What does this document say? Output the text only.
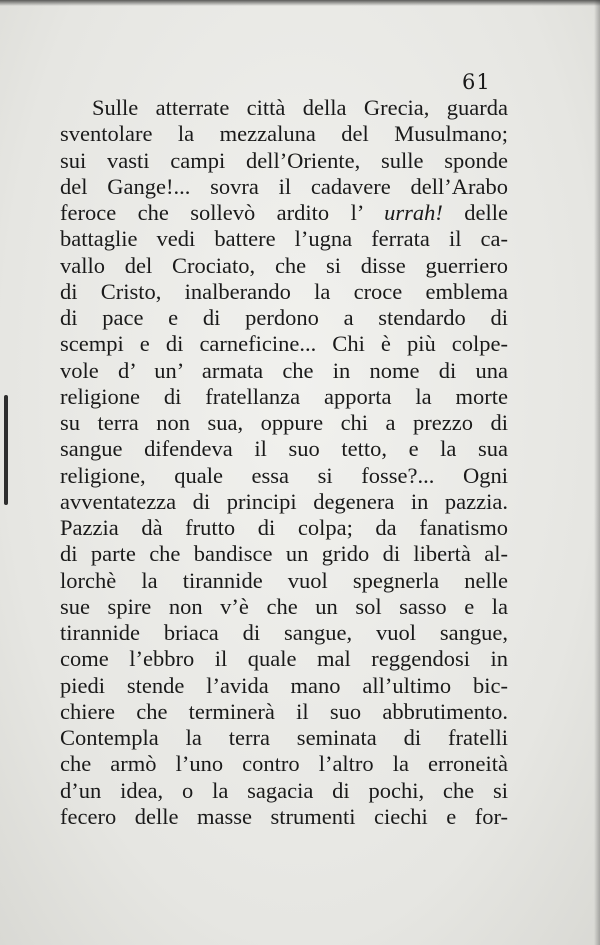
61
Sulle atterrate città della Grecia, guarda
sventolare la mezzaluna del Musulmano;
sui vasti campi dell’Oriente, sulle sponde
del Gange!... sovra il cadavere dell’Arabo
feroce che sollevò ardito l’ urrah! delle
battaglie vedi battere l’ugna ferrata il ca-
vallo del Crociato, che si disse guerriero
di Cristo, inalberando la croce emblema
di pace e di perdono a stendardo di
scempi e di carneficine... Chi è più colpe-
vole d’ un’ armata che in nome di una
religione di fratellanza apporta la morte
su terra non sua, oppure chi a prezzo di
sangue difendeva il suo tetto, e la sua
religione, quale essa si fosse?... Ogni
avventatezza di principi degenera in pazzia.
Pazzia dà frutto di colpa; da fanatismo
di parte che bandisce un grido di libertà al-
lorchè la tirannide vuol spegnerla nelle
sue spire non v’è che un sol sasso e la
tirannide briaca di sangue, vuol sangue,
come l’ebbro il quale mal reggendosi in
piedi stende l’avida mano all’ultimo bic-
chiere che terminerà il suo abbrutimento.
Contempla la terra seminata di fratelli
che armò l’uno contro l’altro la erroneità
d’un idea, o la sagacia di pochi, che si
fecero delle masse strumenti ciechi e for-
